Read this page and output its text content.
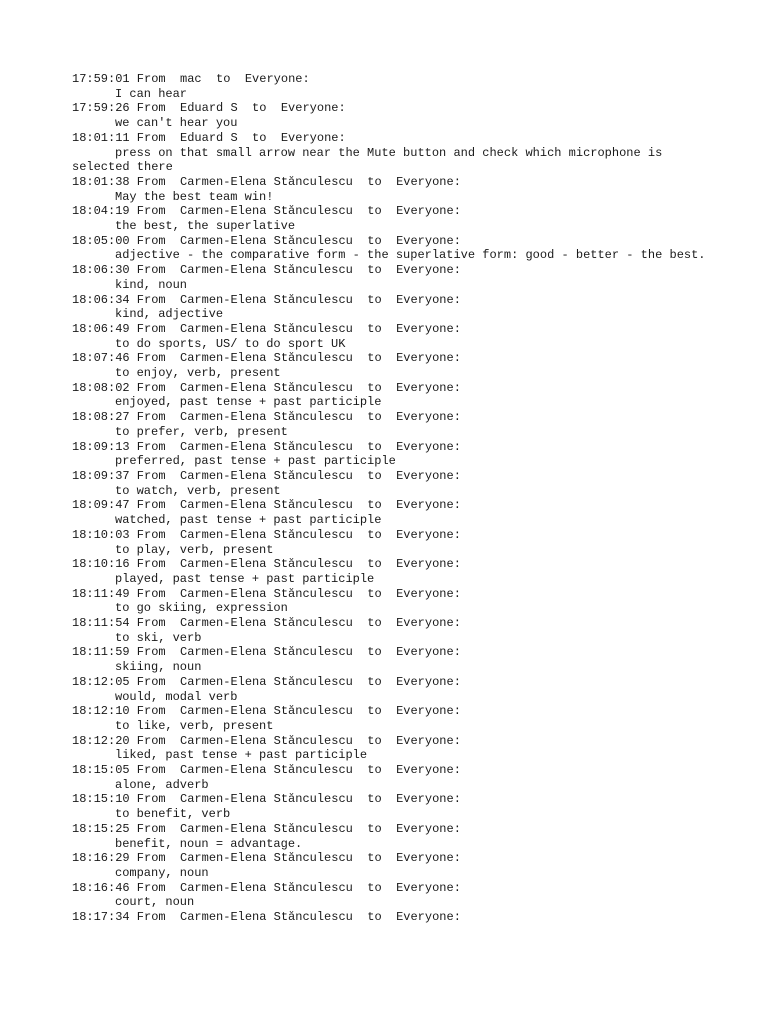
17:59:01 From  mac  to  Everyone:
I can hear
17:59:26 From  Eduard S  to  Everyone:
we can't hear you
18:01:11 From  Eduard S  to  Everyone:
press on that small arrow near the Mute button and check which microphone is selected there
18:01:38 From  Carmen-Elena Stănculescu  to  Everyone:
May the best team win!
18:04:19 From  Carmen-Elena Stănculescu  to  Everyone:
the best, the superlative
18:05:00 From  Carmen-Elena Stănculescu  to  Everyone:
adjective - the comparative form - the superlative form: good - better - the best.
18:06:30 From  Carmen-Elena Stănculescu  to  Everyone:
kind, noun
18:06:34 From  Carmen-Elena Stănculescu  to  Everyone:
kind, adjective
18:06:49 From  Carmen-Elena Stănculescu  to  Everyone:
to do sports, US/ to do sport UK
18:07:46 From  Carmen-Elena Stănculescu  to  Everyone:
to enjoy, verb, present
18:08:02 From  Carmen-Elena Stănculescu  to  Everyone:
enjoyed, past tense + past participle
18:08:27 From  Carmen-Elena Stănculescu  to  Everyone:
to prefer, verb, present
18:09:13 From  Carmen-Elena Stănculescu  to  Everyone:
preferred, past tense + past participle
18:09:37 From  Carmen-Elena Stănculescu  to  Everyone:
to watch, verb, present
18:09:47 From  Carmen-Elena Stănculescu  to  Everyone:
watched, past tense + past participle
18:10:03 From  Carmen-Elena Stănculescu  to  Everyone:
to play, verb, present
18:10:16 From  Carmen-Elena Stănculescu  to  Everyone:
played, past tense + past participle
18:11:49 From  Carmen-Elena Stănculescu  to  Everyone:
to go skiing, expression
18:11:54 From  Carmen-Elena Stănculescu  to  Everyone:
to ski, verb
18:11:59 From  Carmen-Elena Stănculescu  to  Everyone:
skiing, noun
18:12:05 From  Carmen-Elena Stănculescu  to  Everyone:
would, modal verb
18:12:10 From  Carmen-Elena Stănculescu  to  Everyone:
to like, verb, present
18:12:20 From  Carmen-Elena Stănculescu  to  Everyone:
liked, past tense + past participle
18:15:05 From  Carmen-Elena Stănculescu  to  Everyone:
alone, adverb
18:15:10 From  Carmen-Elena Stănculescu  to  Everyone:
to benefit, verb
18:15:25 From  Carmen-Elena Stănculescu  to  Everyone:
benefit, noun = advantage.
18:16:29 From  Carmen-Elena Stănculescu  to  Everyone:
company, noun
18:16:46 From  Carmen-Elena Stănculescu  to  Everyone:
court, noun
18:17:34 From  Carmen-Elena Stănculescu  to  Everyone:
